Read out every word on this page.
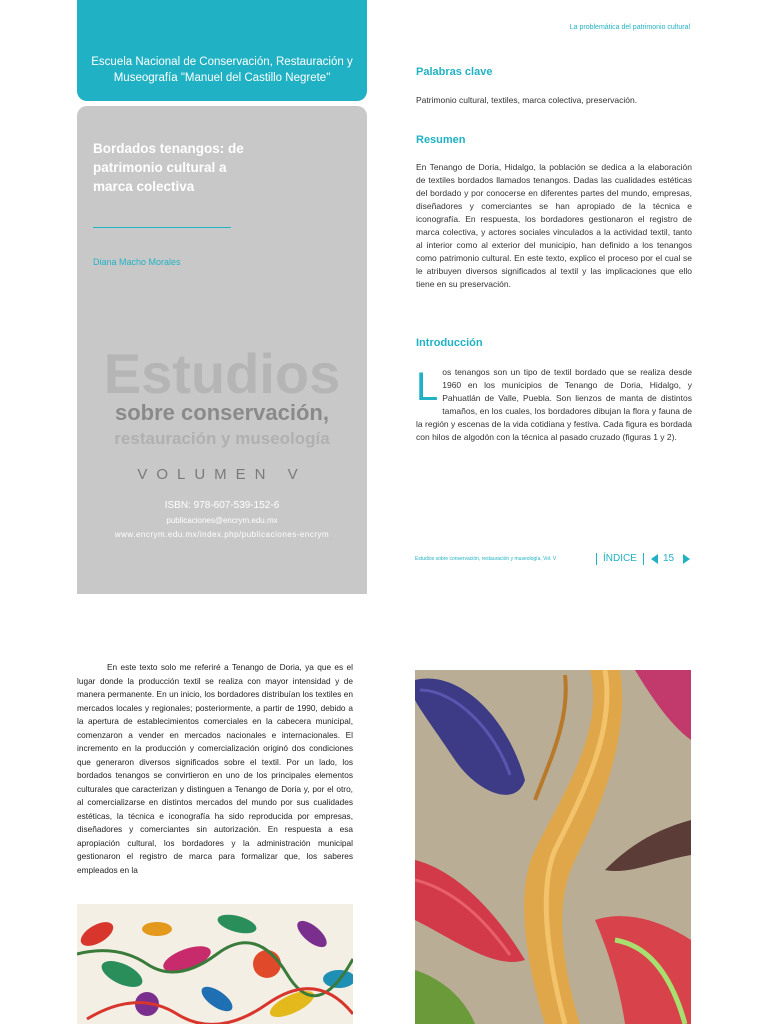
Escuela Nacional de Conservación, Restauración y Museografía "Manuel del Castillo Negrete"
Bordados tenangos: de patrimonio cultural a marca colectiva
Diana Macho Morales
Estudios
sobre conservación,
restauración y museología
VOLUMEN V
ISBN: 978-607-539-152-6
publicaciones@encrym.edu.mx
www.encrym.edu.mx/index.php/publicaciones-encrym
La problemática del patrimonio cultural
Palabras clave
Patrimonio cultural, textiles, marca colectiva, preservación.
Resumen
En Tenango de Doria, Hidalgo, la población se dedica a la elaboración de textiles bordados llamados tenangos. Dadas las cualidades estéticas del bordado y por conocerse en diferentes partes del mundo, empresas, diseñadores y comerciantes se han apropiado de la técnica e iconografía. En respuesta, los bordadores gestionaron el registro de marca colectiva, y actores sociales vinculados a la actividad textil, tanto al interior como al exterior del municipio, han definido a los tenangos como patrimonio cultural. En este texto, explico el proceso por el cual se le atribuyen diversos significados al textil y las implicaciones que ello tiene en su preservación.
Introducción
Los tenangos son un tipo de textil bordado que se realiza desde 1960 en los municipios de Tenango de Doria, Hidalgo, y Pahuatlán de Valle, Puebla. Son lienzos de manta de distintos tamaños, en los cuales, los bordadores dibujan la flora y fauna de la región y escenas de la vida cotidiana y festiva. Cada figura es bordada con hilos de algodón con la técnica al pasado cruzado (figuras 1 y 2).
Estudios sobre conservación, restauración y museología, Vol. V	ÍNDICE	15
En este texto solo me referiré a Tenango de Doria, ya que es el lugar donde la producción textil se realiza con mayor intensidad y de manera permanente. En un inicio, los bordadores distribuían los textiles en mercados locales y regionales; posteriormente, a partir de 1990, debido a la apertura de establecimientos comerciales en la cabecera municipal, comenzaron a vender en mercados nacionales e internacionales. El incremento en la producción y comercialización originó dos condiciones que generaron diversos significados sobre el textil. Por un lado, los bordados tenangos se convirtieron en uno de los principales elementos culturales que caracterizan y distinguen a Tenango de Doria y, por el otro, al comercializarse en distintos mercados del mundo por sus cualidades estéticas, la técnica e iconografía ha sido reproducida por empresas, diseñadores y comerciantes sin autorización. En respuesta a esa apropiación cultural, los bordadores y la administración municipal gestionaron el registro de marca para formalizar que, los saberes empleados en la
